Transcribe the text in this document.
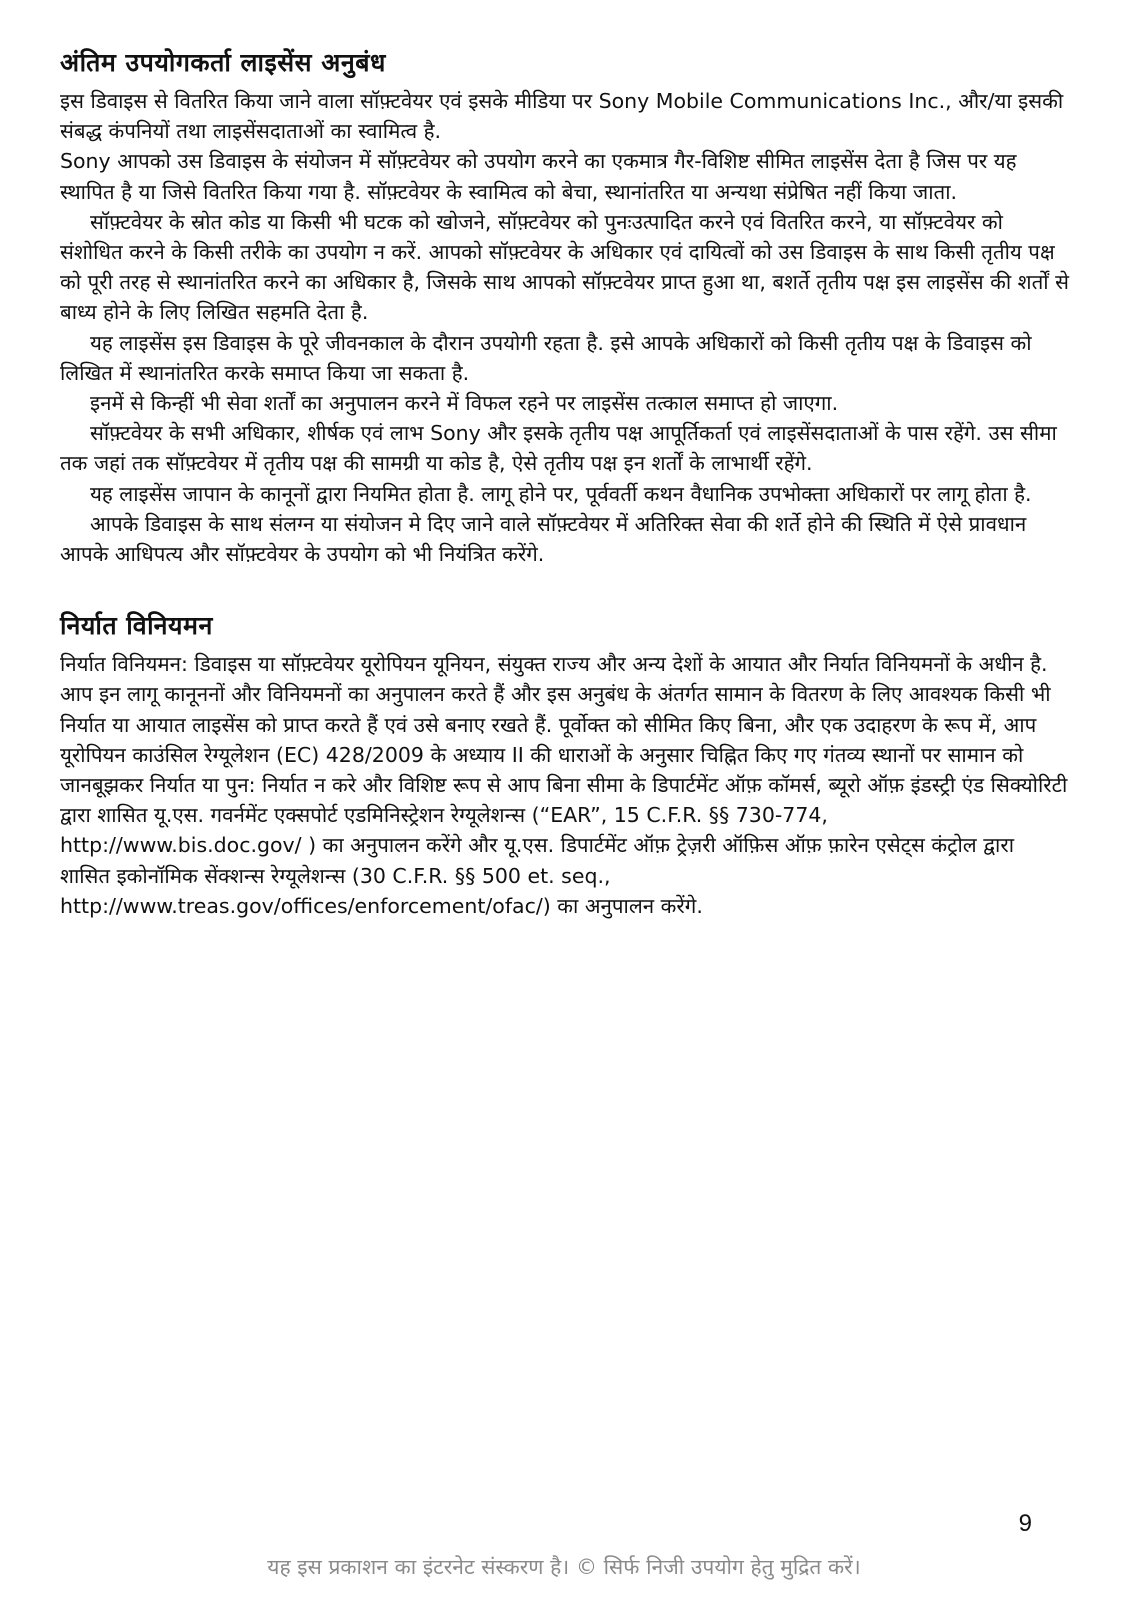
अंतिम उपयोगकर्ता लाइसेंस अनुबंध

इस डिवाइस से वितरित किया जाने वाला सॉफ़्टवेयर एवं इसके मीडिया पर Sony Mobile Communications Inc., और/या इसकी संबद्ध कंपनियों तथा लाइसेंसदाताओं का स्वामित्व है.

Sony आपको उस डिवाइस के संयोजन में सॉफ़्टवेयर को उपयोग करने का एकमात्र गैर-विशिष्ट सीमित लाइसेंस देता है जिस पर यह स्थापित है या जिसे वितरित किया गया है. सॉफ़्टवेयर के स्वामित्व को बेचा, स्थानांतरित या अन्यथा संप्रेषित नहीं किया जाता.

सॉफ़्टवेयर के स्रोत कोड या किसी भी घटक को खोजने, सॉफ़्टवेयर को पुनःउत्पादित करने एवं वितरित करने, या सॉफ़्टवेयर को संशोधित करने के किसी तरीके का उपयोग न करें. आपको सॉफ़्टवेयर के अधिकार एवं दायित्वों को उस डिवाइस के साथ किसी तृतीय पक्ष को पूरी तरह से स्थानांतरित करने का अधिकार है, जिसके साथ आपको सॉफ़्टवेयर प्राप्त हुआ था, बशर्ते तृतीय पक्ष इस लाइसेंस की शर्तों से बाध्य होने के लिए लिखित सहमति देता है.

यह लाइसेंस इस डिवाइस के पूरे जीवनकाल के दौरान उपयोगी रहता है. इसे आपके अधिकारों को किसी तृतीय पक्ष के डिवाइस को लिखित में स्थानांतरित करके समाप्त किया जा सकता है.

इनमें से किन्हीं भी सेवा शर्तों का अनुपालन करने में विफल रहने पर लाइसेंस तत्काल समाप्त हो जाएगा.

सॉफ़्टवेयर के सभी अधिकार, शीर्षक एवं लाभ Sony और इसके तृतीय पक्ष आपूर्तिकर्ता एवं लाइसेंसदाताओं के पास रहेंगे. उस सीमा तक जहां तक सॉफ़्टवेयर में तृतीय पक्ष की सामग्री या कोड है, ऐसे तृतीय पक्ष इन शर्तों के लाभार्थी रहेंगे.

यह लाइसेंस जापान के कानूनों द्वारा नियमित होता है. लागू होने पर, पूर्ववर्ती कथन वैधानिक उपभोक्ता अधिकारों पर लागू होता है.

आपके डिवाइस के साथ संलग्न या संयोजन मे दिए जाने वाले सॉफ़्टवेयर में अतिरिक्त सेवा की शर्ते होने की स्थिति में ऐसे प्रावधान आपके आधिपत्य और सॉफ़्टवेयर के उपयोग को भी नियंत्रित करेंगे.

निर्यात विनियमन

निर्यात विनियमन: डिवाइस या सॉफ़्टवेयर यूरोपियन यूनियन, संयुक्त राज्य और अन्य देशों के आयात और निर्यात विनियमनों के अधीन है. आप इन लागू कानूननों और विनियमनों का अनुपालन करते हैं और इस अनुबंध के अंतर्गत सामान के वितरण के लिए आवश्यक किसी भी निर्यात या आयात लाइसेंस को प्राप्त करते हैं एवं उसे बनाए रखते हैं. पूर्वोक्त को सीमित किए बिना, और एक उदाहरण के रूप में, आप यूरोपियन काउंसिल रेग्यूलेशन (EC) 428/2009 के अध्याय II की धाराओं के अनुसार चिह्नित किए गए गंतव्य स्थानों पर सामान को जानबूझकर निर्यात या पुन: निर्यात न करे और विशिष्ट रूप से आप बिना सीमा के डिपार्टमेंट ऑफ़ कॉमर्स, ब्यूरो ऑफ़ इंडस्ट्री एंड सिक्योरिटी द्वारा शासित यू.एस. गवर्नमेंट एक्सपोर्ट एडमिनिस्ट्रेशन रेग्यूलेशन्स (“EAR”, 15 C.F.R. §§ 730-774, http://www.bis.doc.gov/ ) का अनुपालन करेंगे और यू.एस. डिपार्टमेंट ऑफ़ ट्रेज़री ऑफ़िस ऑफ़ फ़ारेन एसेट्स कंट्रोल द्वारा शासित इकोनॉमिक सेंक्शन्स रेग्यूलेशन्स (30 C.F.R. §§ 500 et. seq., http://www.treas.gov/offices/enforcement/ofac/) का अनुपालन करेंगे.

9
यह इस प्रकाशन का इंटरनेट संस्करण है। © सिर्फ निजी उपयोग हेतु मुद्रित करें।
